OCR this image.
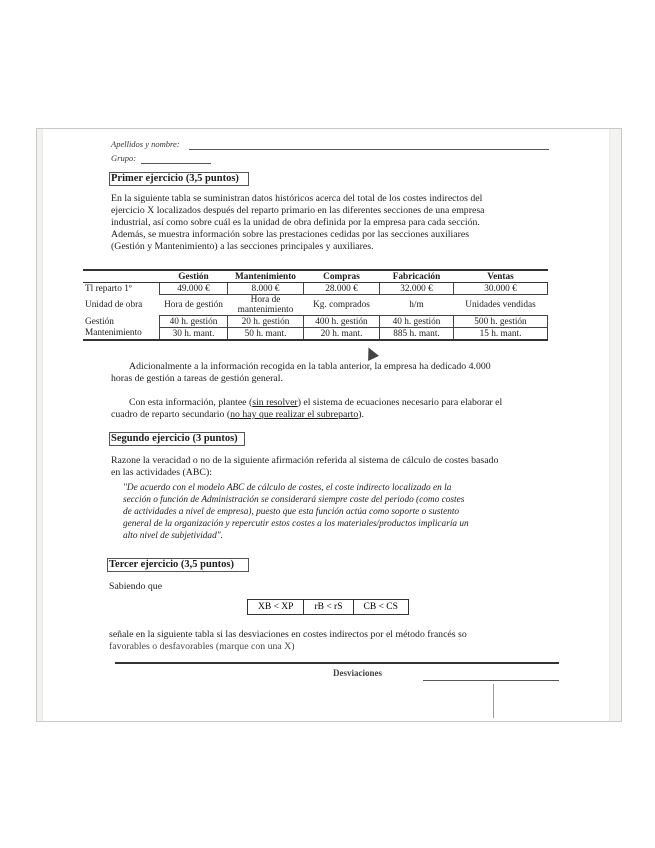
Apellidos y nombre:
Grupo:
Primer ejercicio (3,5 puntos)
En la siguiente tabla se suministran datos históricos acerca del total de los costes indirectos del
ejercicio X localizados después del reparto primario en las diferentes secciones de una empresa
industrial, así como sobre cuál es la unidad de obra definida por la empresa para cada sección.
Además, se muestra información sobre las prestaciones cedidas por las secciones auxiliares
(Gestión y Mantenimiento) a las secciones principales y auxiliares.
	Gestión	Mantenimiento	Compras	Fabricación	Ventas
Tl reparto 1º	49.000 €	8.000 €	28.000 €	32.000 €	30.000 €
Unidad de obra	Hora de gestión	Hora de mantenimiento	Kg. comprados	h/m	Unidades vendidas
Gestión	40 h. gestión	20 h. gestión	400 h. gestión	40 h. gestión	500 h. gestión
Mantenimiento	30 h. mant.	50 h. mant.	20 h. mant.	885 h. mant.	15 h. mant.
Adicionalmente a la información recogida en la tabla anterior, la empresa ha dedicado 4.000
horas de gestión a tareas de gestión general.
Con esta información, plantee (sin resolver) el sistema de ecuaciones necesario para elaborar el
cuadro de reparto secundario (no hay que realizar el subreparto).
Segundo ejercicio (3 puntos)
Razone la veracidad o no de la siguiente afirmación referida al sistema de cálculo de costes basado
en las actividades (ABC):
"De acuerdo con el modelo ABC de cálculo de costes, el coste indirecto localizado en la
sección o función de Administración se considerará siempre coste del periodo (como costes
de actividades a nivel de empresa), puesto que esta función actúa como soporte o sustento
general de la organización y repercutir estos costes a los materiales/productos implicaría un
alto nivel de subjetividad".
Tercer ejercicio (3,5 puntos)
Sabiendo que
XB < XP	rB < rS	CB < CS
señale en la siguiente tabla si las desviaciones en costes indirectos por el método francés so
favorables o desfavorables (marque con una X)
Desviaciones
